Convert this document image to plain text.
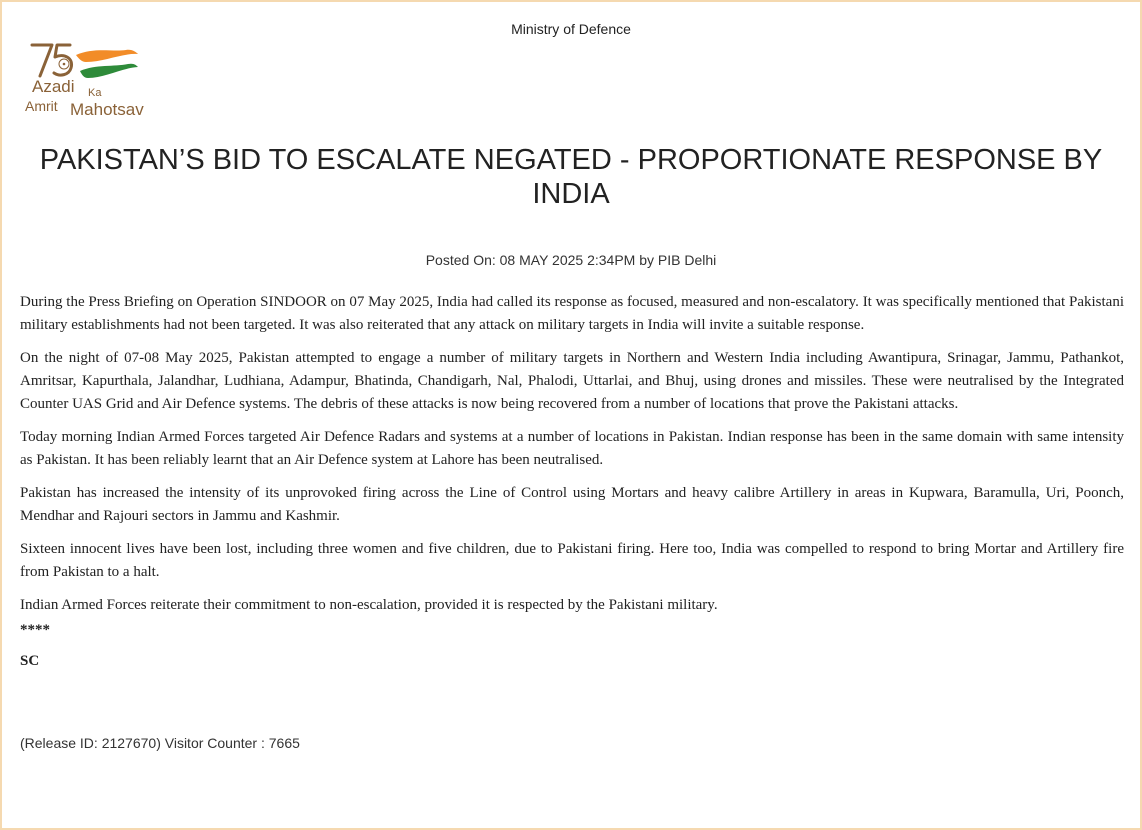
Ministry of Defence
Azadi Ka
Amrit Mahotsav
PAKISTAN’S BID TO ESCALATE NEGATED - PROPORTIONATE RESPONSE BY INDIA
Posted On: 08 MAY 2025 2:34PM by PIB Delhi

During the Press Briefing on Operation SINDOOR on 07 May 2025, India had called its response as focused, measured and non-escalatory. It was specifically mentioned that Pakistani military establishments had not been targeted. It was also reiterated that any attack on military targets in India will invite a suitable response.

On the night of 07-08 May 2025, Pakistan attempted to engage a number of military targets in Northern and Western India including Awantipura, Srinagar, Jammu, Pathankot, Amritsar, Kapurthala, Jalandhar, Ludhiana, Adampur, Bhatinda, Chandigarh, Nal, Phalodi, Uttarlai, and Bhuj, using drones and missiles. These were neutralised by the Integrated Counter UAS Grid and Air Defence systems. The debris of these attacks is now being recovered from a number of locations that prove the Pakistani attacks.

Today morning Indian Armed Forces targeted Air Defence Radars and systems at a number of locations in Pakistan. Indian response has been in the same domain with same intensity as Pakistan. It has been reliably learnt that an Air Defence system at Lahore has been neutralised.

Pakistan has increased the intensity of its unprovoked firing across the Line of Control using Mortars and heavy calibre Artillery in areas in Kupwara, Baramulla, Uri, Poonch, Mendhar and Rajouri sectors in Jammu and Kashmir.

Sixteen innocent lives have been lost, including three women and five children, due to Pakistani firing. Here too, India was compelled to respond to bring Mortar and Artillery fire from Pakistan to a halt.

Indian Armed Forces reiterate their commitment to non-escalation, provided it is respected by the Pakistani military.

****

SC

(Release ID: 2127670) Visitor Counter : 7665
